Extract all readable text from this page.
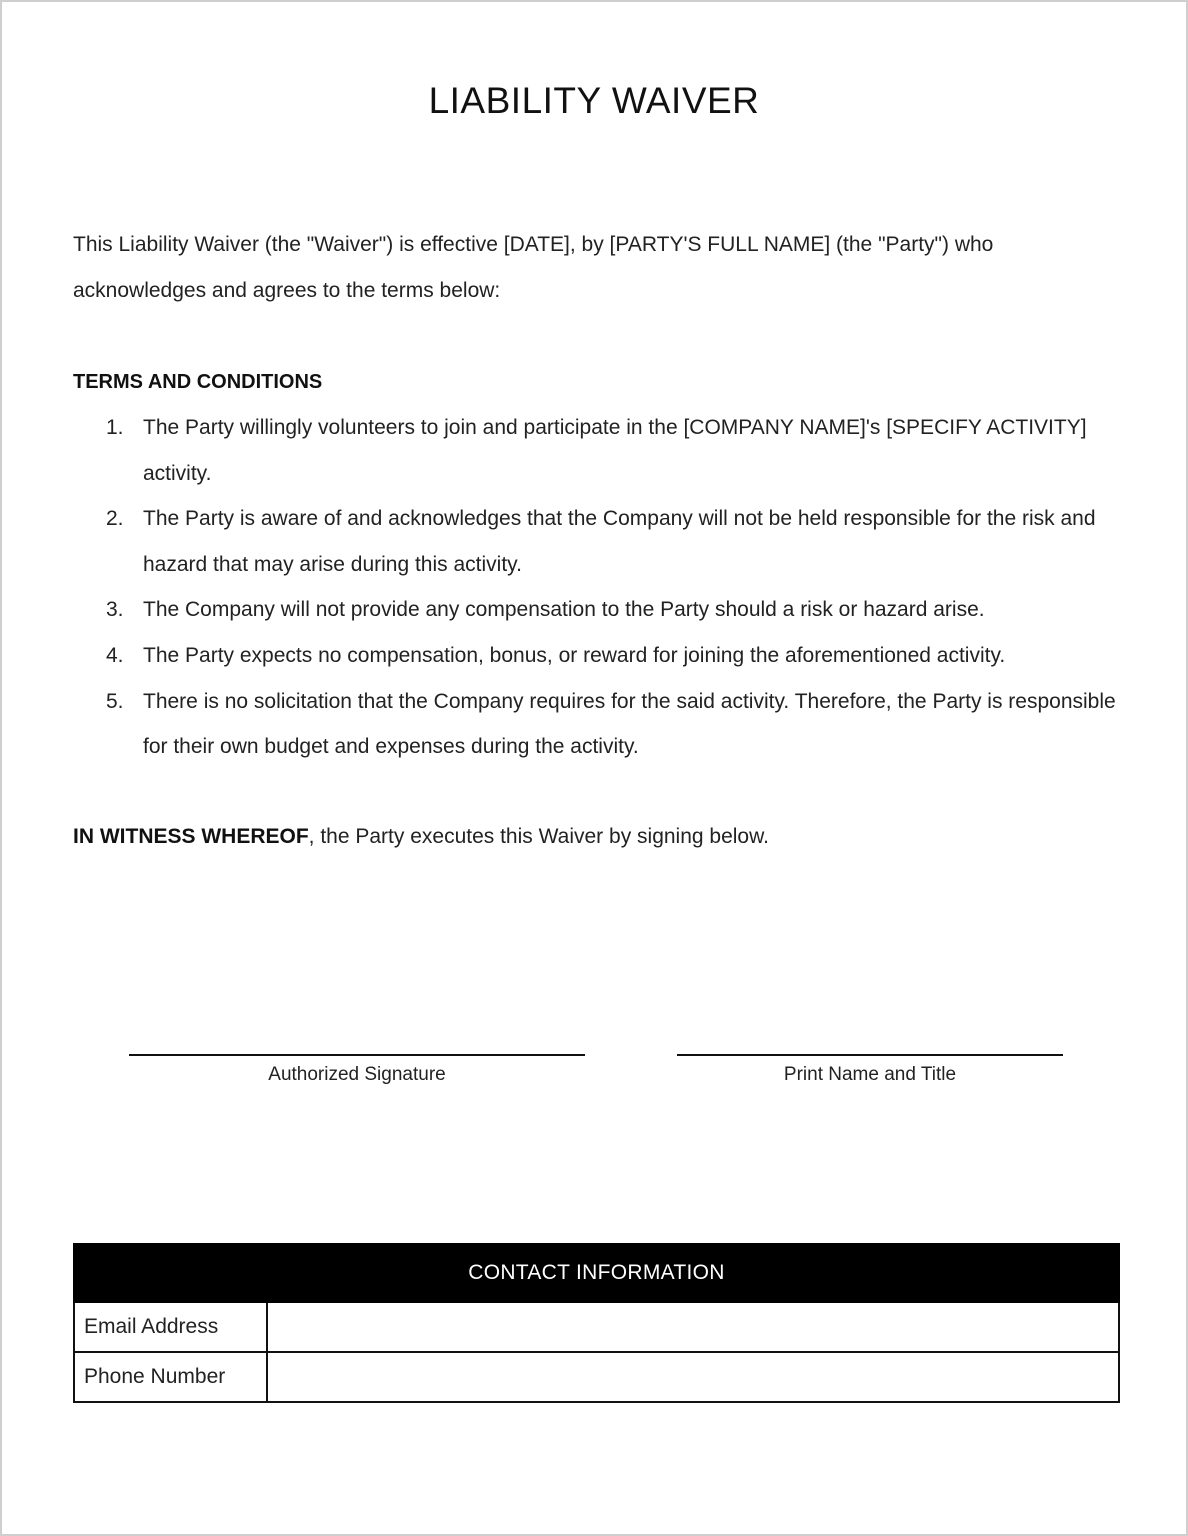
LIABILITY WAIVER

This Liability Waiver (the "Waiver") is effective [DATE], by [PARTY'S FULL NAME] (the "Party") who acknowledges and agrees to the terms below:

TERMS AND CONDITIONS

1. The Party willingly volunteers to join and participate in the [COMPANY NAME]'s [SPECIFY ACTIVITY] activity.
2. The Party is aware of and acknowledges that the Company will not be held responsible for the risk and hazard that may arise during this activity.
3. The Company will not provide any compensation to the Party should a risk or hazard arise.
4. The Party expects no compensation, bonus, or reward for joining the aforementioned activity.
5. There is no solicitation that the Company requires for the said activity. Therefore, the Party is responsible for their own budget and expenses during the activity.

IN WITNESS WHEREOF, the Party executes this Waiver by signing below.

Authorized Signature	Print Name and Title
CONTACT INFORMATION	
Email Address	
Phone Number	
